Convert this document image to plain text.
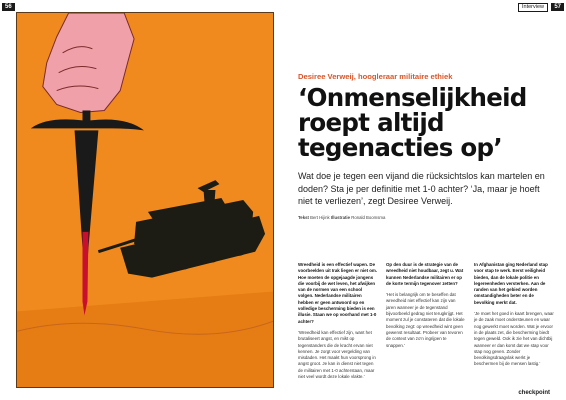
56	57
Interview
Desiree Verweij, hoogleraar militaire ethiek
‘Onmenselijkheid roept altijd tegenacties op’
Wat doe je tegen een vijand die rücksichtslos kan martelen en doden? Sta je per definitie met 1-0 achter? ‘Ja, maar je hoeft niet te verliezen’, zegt Desiree Verweij.
Tekst Bert Hijink Illustratie Ronald Boomsma

Wreedheid is een effectief wapen. De voorbeelden uit Irak liegen er niet om. Hoe moeten de opgejaagde jongens die voorbij de wet leven, het afwijken van de normen van een school volgen. Nederlandse militairen hebben er geen antwoord op en volledige bescherming bieden is een illusie. Staan we op voorhand met 1-0 achter?

‘Wreedheid kan effectief zijn, want het brutaliseert angst, en mikt op tegenstanders die de kracht ervan niet kennen. Je zorgt voor vergelding van misdaden. Het maakt hun voorsprong in angst groot. Je kan in dienst niet tegen de militairen met 1-0 achterstaan, maar niet veel wordt deze lokale vlakte.’

Op den duur is de strategie van de wreedheid niet houdbaar, zegt u. Wat kunnen Nederlandse militairen er op de korte termijn tegenover zetten?

‘Het is belangrijk om te beseffen dat wreedheid niet effectief kan zijn van jaren wanneer je de tegenstand bijvoorbeeld gedrag niet terugkrijgt. Het moment zul je constateren dat die lokale bevolking zegt: op wreedheid wint geen gewenst resultaat. Probeer van tevoren de context van zo’n ingrijpen te snappen.’

In Afghanistan ging Nederland stap voor stap te werk. Eerst veiligheid bieden, dan de lokale politie en legereenheden versterken. Aan de randen van het gebied worden omstandigheden beter en de bevolking merkt dat.

‘Je moet het goed in kaart brengen, waar je de zaak moet ondersteunen en waar nog gewerkt moet worden. Wat je ervoor in de plaats zet, die bescherming biedt tegen geweld. Ook ik zie het van dichtbij wanneer er dan komt dat we stap voor stap nog geven. Zonder bevolkingsdraagvlak werkt je beschermen bij de mensen lastig.’

checkpoint
